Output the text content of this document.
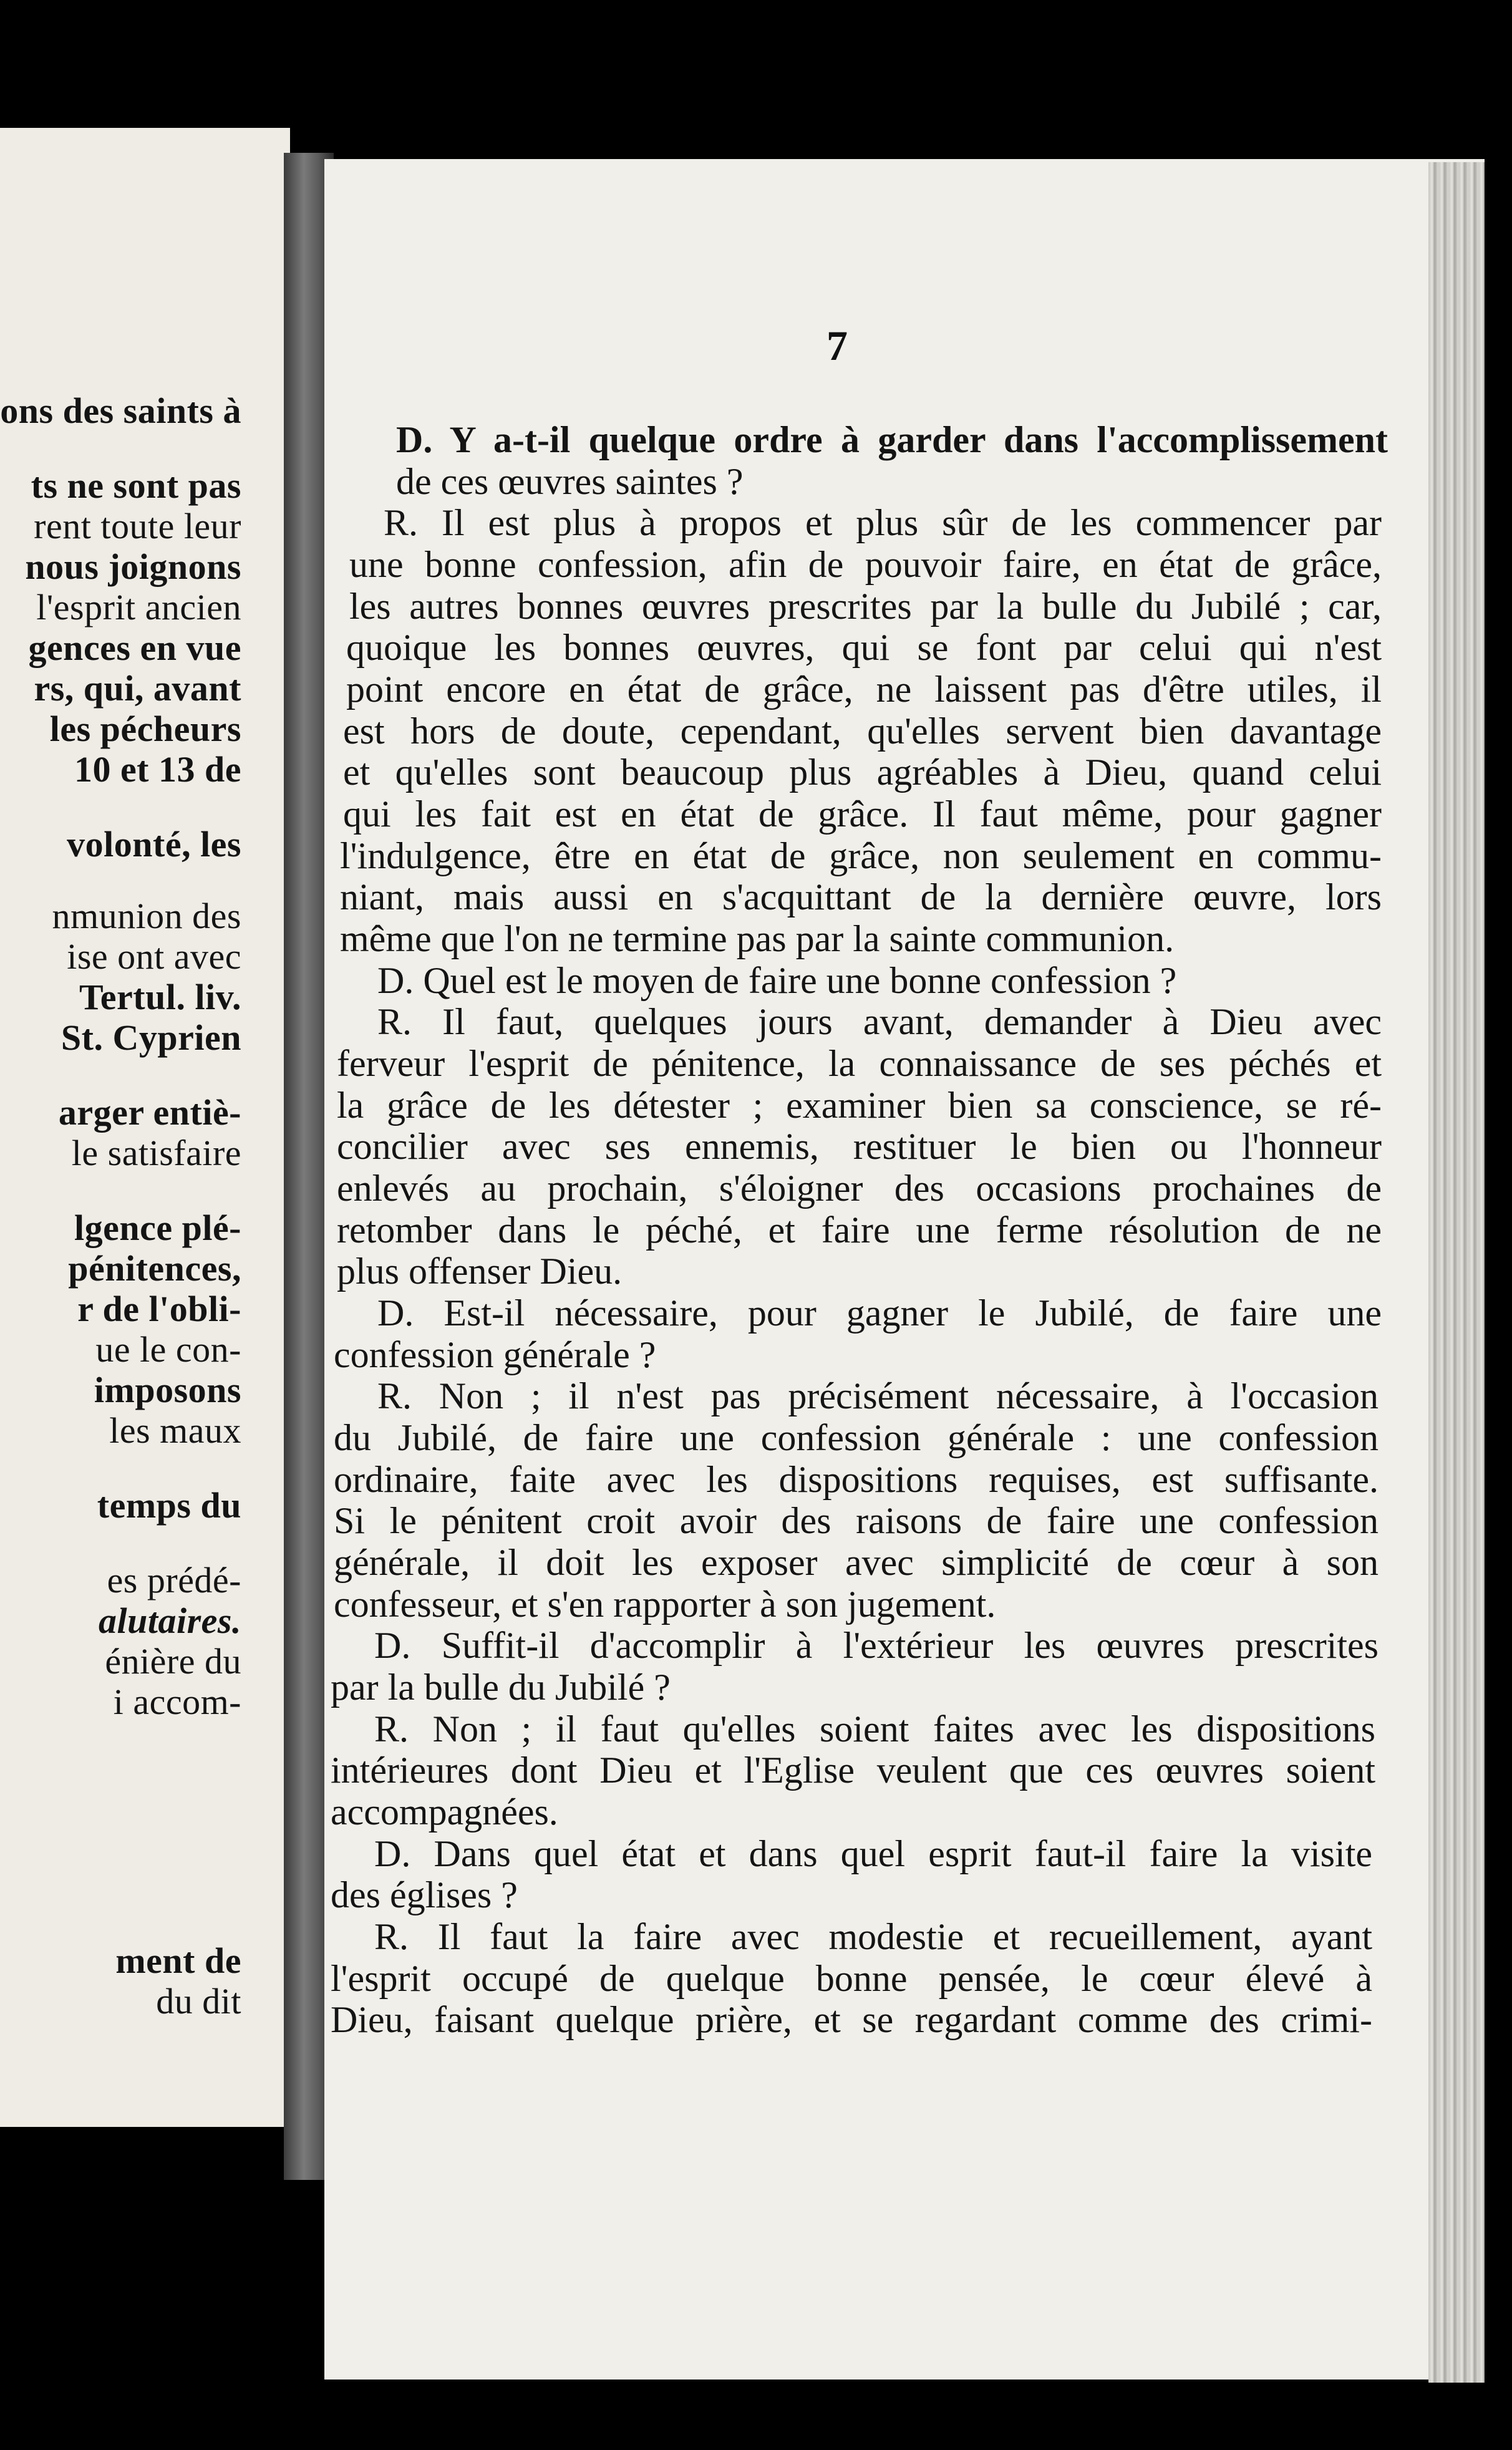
ons des saints à
ts ne sont pas
rent toute leur
nous joignons
l'esprit ancien
gences en vue
rs, qui, avant
les pécheurs
10 et 13 de
volonté, les
nmunion des
ise ont avec
Tertul. liv.
St. Cyprien
arger entiè-
le satisfaire
lgence plé-
pénitences,
r de l'obli-
ue le con-
imposons
les maux
temps du
es prédé-
alutaires.
énière du
i accom-
ment de
du dit
7
D. Y a-t-il quelque ordre à garder dans l'accomplissement
de ces œuvres saintes ?
R. Il est plus à propos et plus sûr de les commencer par
une bonne confession, afin de pouvoir faire, en état de grâce,
les autres bonnes œuvres prescrites par la bulle du Jubilé ; car,
quoique les bonnes œuvres, qui se font par celui qui n'est
point encore en état de grâce, ne laissent pas d'être utiles, il
est hors de doute, cependant, qu'elles servent bien davantage
et qu'elles sont beaucoup plus agréables à Dieu, quand celui
qui les fait est en état de grâce. Il faut même, pour gagner
l'indulgence, être en état de grâce, non seulement en commu-
niant, mais aussi en s'acquittant de la dernière œuvre, lors
même que l'on ne termine pas par la sainte communion.
D. Quel est le moyen de faire une bonne confession ?
R. Il faut, quelques jours avant, demander à Dieu avec
ferveur l'esprit de pénitence, la connaissance de ses péchés et
la grâce de les détester ; examiner bien sa conscience, se ré-
concilier avec ses ennemis, restituer le bien ou l'honneur
enlevés au prochain, s'éloigner des occasions prochaines de
retomber dans le péché, et faire une ferme résolution de ne
plus offenser Dieu.
D. Est-il nécessaire, pour gagner le Jubilé, de faire une
confession générale ?
R. Non ; il n'est pas précisément nécessaire, à l'occasion
du Jubilé, de faire une confession générale : une confession
ordinaire, faite avec les dispositions requises, est suffisante.
Si le pénitent croit avoir des raisons de faire une confession
générale, il doit les exposer avec simplicité de cœur à son
confesseur, et s'en rapporter à son jugement.
D. Suffit-il d'accomplir à l'extérieur les œuvres prescrites
par la bulle du Jubilé ?
R. Non ; il faut qu'elles soient faites avec les dispositions
intérieures dont Dieu et l'Eglise veulent que ces œuvres soient
accompagnées.
D. Dans quel état et dans quel esprit faut-il faire la visite
des églises ?
R. Il faut la faire avec modestie et recueillement, ayant
l'esprit occupé de quelque bonne pensée, le cœur élevé à
Dieu, faisant quelque prière, et se regardant comme des crimi-
